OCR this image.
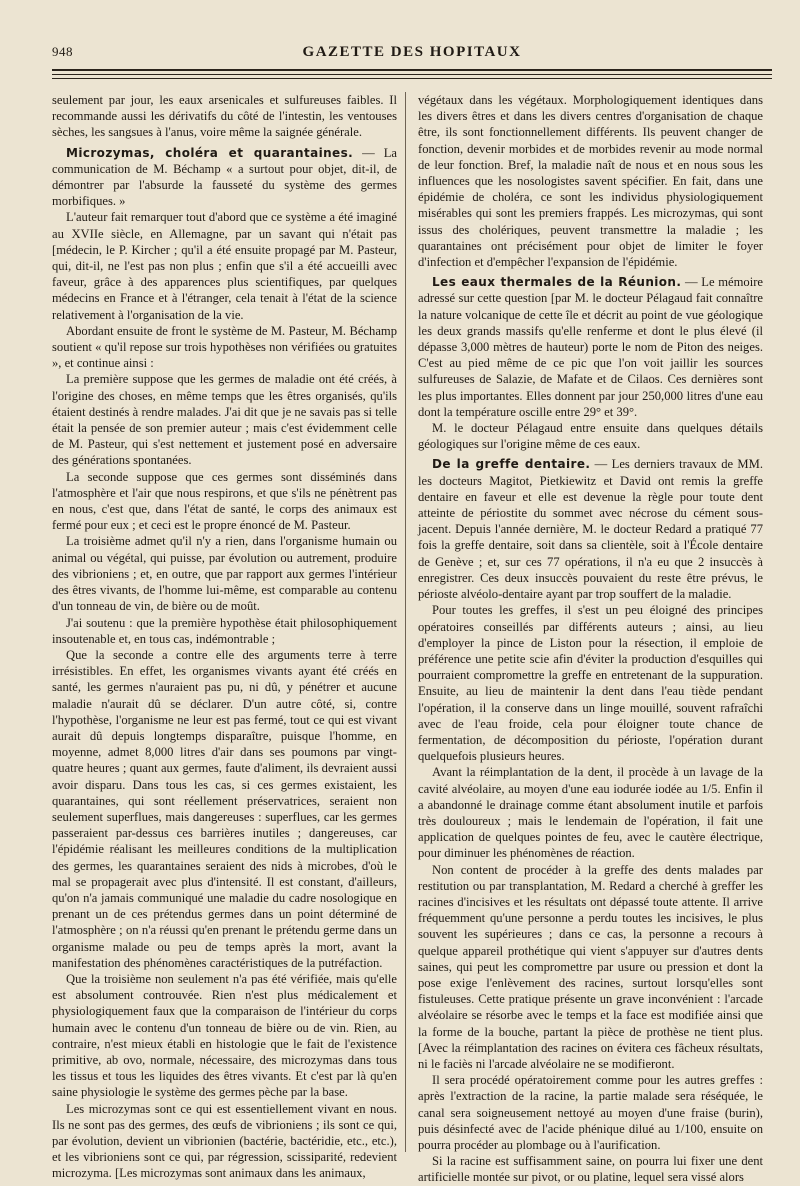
948	GAZETTE DES HOPITAUX

seulement par jour, les eaux arsenicales et sulfureuses faibles. Il recommande aussi les dérivatifs du côté de l'intestin, les ventouses sèches, les sangsues à l'anus, voire même la saignée générale.

Microzymas, choléra et quarantaines. — La communication de M. Béchamp « a surtout pour objet, dit-il, de démontrer par l'absurde la fausseté du système des germes morbifiques. »

L'auteur fait remarquer tout d'abord que ce système a été imaginé au XVIIe siècle, en Allemagne, par un savant qui n'était pas [médecin, le P. Kircher ; qu'il a été ensuite propagé par M. Pasteur, qui, dit-il, ne l'est pas non plus ; enfin que s'il a été accueilli avec faveur, grâce à des apparences plus scientifiques, par quelques médecins en France et à l'étranger, cela tenait à l'état de la science relativement à l'organisation de la vie.

Abordant ensuite de front le système de M. Pasteur, M. Béchamp soutient « qu'il repose sur trois hypothèses non vérifiées ou gratuites », et continue ainsi :

La première suppose que les germes de maladie ont été créés, à l'origine des choses, en même temps que les êtres organisés, qu'ils étaient destinés à rendre malades. J'ai dit que je ne savais pas si telle était la pensée de son premier auteur ; mais c'est évidemment celle de M. Pasteur, qui s'est nettement et justement posé en adversaire des générations spontanées.

La seconde suppose que ces germes sont disséminés dans l'atmosphère et l'air que nous respirons, et que s'ils ne pénètrent pas en nous, c'est que, dans l'état de santé, le corps des animaux est fermé pour eux ; et ceci est le propre énoncé de M. Pasteur.

La troisième admet qu'il n'y a rien, dans l'organisme humain ou animal ou végétal, qui puisse, par évolution ou autrement, produire des vibrioniens ; et, en outre, que par rapport aux germes l'intérieur des êtres vivants, de l'homme lui-même, est comparable au contenu d'un tonneau de vin, de bière ou de moût.

J'ai soutenu : que la première hypothèse était philosophiquement insoutenable et, en tous cas, indémontrable ;

Que la seconde a contre elle des arguments terre à terre irrésistibles. En effet, les organismes vivants ayant été créés en santé, les germes n'auraient pas pu, ni dû, y pénétrer et aucune maladie n'aurait dû se déclarer. D'un autre côté, si, contre l'hypothèse, l'organisme ne leur est pas fermé, tout ce qui est vivant aurait dû depuis longtemps disparaître, puisque l'homme, en moyenne, admet 8,000 litres d'air dans ses poumons par vingt-quatre heures ; quant aux germes, faute d'aliment, ils devraient aussi avoir disparu. Dans tous les cas, si ces germes existaient, les quarantaines, qui sont réellement préservatrices, seraient non seulement superflues, mais dangereuses : superflues, car les germes passeraient par-dessus ces barrières inutiles ; dangereuses, car l'épidémie réalisant les meilleures conditions de la multiplication des germes, les quarantaines seraient des nids à microbes, d'où le mal se propagerait avec plus d'intensité. Il est constant, d'ailleurs, qu'on n'a jamais communiqué une maladie du cadre nosologique en prenant un de ces prétendus germes dans un point déterminé de l'atmosphère ; on n'a réussi qu'en prenant le prétendu germe dans un organisme malade ou peu de temps après la mort, avant la manifestation des phénomènes caractéristiques de la putréfaction.

Que la troisième non seulement n'a pas été vérifiée, mais qu'elle est absolument controuvée. Rien n'est plus médicalement et physiologiquement faux que la comparaison de l'intérieur du corps humain avec le contenu d'un tonneau de bière ou de vin. Rien, au contraire, n'est mieux établi en histologie que le fait de l'existence primitive, ab ovo, normale, nécessaire, des microzymas dans tous les tissus et tous les liquides des êtres vivants. Et c'est par là qu'en saine physiologie le système des germes pèche par la base.

Les microzymas sont ce qui est essentiellement vivant en nous. Ils ne sont pas des germes, des œufs de vibrioniens ; ils sont ce qui, par évolution, devient un vibrionien (bactérie, bactéridie, etc., etc.), et les vibrioniens sont ce qui, par régression, scissiparité, redevient microzyma. [Les microzymas sont animaux dans les animaux,

végétaux dans les végétaux. Morphologiquement identiques dans les divers êtres et dans les divers centres d'organisation de chaque être, ils sont fonctionnellement différents. Ils peuvent changer de fonction, devenir morbides et de morbides revenir au mode normal de leur fonction. Bref, la maladie naît de nous et en nous sous les influences que les nosologistes savent spécifier. En fait, dans une épidémie de choléra, ce sont les individus physiologiquement misérables qui sont les premiers frappés. Les microzymas, qui sont issus des cholériques, peuvent transmettre la maladie ; les quarantaines ont précisément pour objet de limiter le foyer d'infection et d'empêcher l'expansion de l'épidémie.

Les eaux thermales de la Réunion. — Le mémoire adressé sur cette question [par M. le docteur Pélagaud fait connaître la nature volcanique de cette île et décrit au point de vue géologique les deux grands massifs qu'elle renferme et dont le plus élevé (il dépasse 3,000 mètres de hauteur) porte le nom de Piton des neiges. C'est au pied même de ce pic que l'on voit jaillir les sources sulfureuses de Salazie, de Mafate et de Cilaos. Ces dernières sont les plus importantes. Elles donnent par jour 250,000 litres d'une eau dont la température oscille entre 29° et 39°.

M. le docteur Pélagaud entre ensuite dans quelques détails géologiques sur l'origine même de ces eaux.

De la greffe dentaire. — Les derniers travaux de MM. les docteurs Magitot, Pietkiewitz et David ont remis la greffe dentaire en faveur et elle est devenue la règle pour toute dent atteinte de périostite du sommet avec nécrose du cément sous-jacent. Depuis l'année dernière, M. le docteur Redard a pratiqué 77 fois la greffe dentaire, soit dans sa clientèle, soit à l'École dentaire de Genève ; et, sur ces 77 opérations, il n'a eu que 2 insuccès à enregistrer. Ces deux insuccès pouvaient du reste être prévus, le périoste alvéolo-dentaire ayant par trop souffert de la maladie.

Pour toutes les greffes, il s'est un peu éloigné des principes opératoires conseillés par différents auteurs ; ainsi, au lieu d'employer la pince de Liston pour la résection, il emploie de préférence une petite scie afin d'éviter la production d'esquilles qui pourraient compromettre la greffe en entretenant de la suppuration. Ensuite, au lieu de maintenir la dent dans l'eau tiède pendant l'opération, il la conserve dans un linge mouillé, souvent rafraîchi avec de l'eau froide, cela pour éloigner toute chance de fermentation, de décomposition du périoste, l'opération durant quelquefois plusieurs heures.

Avant la réimplantation de la dent, il procède à un lavage de la cavité alvéolaire, au moyen d'une eau iodurée iodée au 1/5. Enfin il a abandonné le drainage comme étant absolument inutile et parfois très douloureux ; mais le lendemain de l'opération, il fait une application de quelques pointes de feu, avec le cautère électrique, pour diminuer les phénomènes de réaction.

Non content de procéder à la greffe des dents malades par restitution ou par transplantation, M. Redard a cherché à greffer les racines d'incisives et les résultats ont dépassé toute attente. Il arrive fréquemment qu'une personne a perdu toutes les incisives, le plus souvent les supérieures ; dans ce cas, la personne a recours à quelque appareil prothétique qui vient s'appuyer sur d'autres dents saines, qui peut les compromettre par usure ou pression et dont la pose exige l'enlèvement des racines, surtout lorsqu'elles sont fistuleuses. Cette pratique présente un grave inconvénient : l'arcade alvéolaire se résorbe avec le temps et la face est modifiée ainsi que la forme de la bouche, partant la pièce de prothèse ne tient plus. [Avec la réimplantation des racines on évitera ces fâcheux résultats, ni le faciès ni l'arcade alvéolaire ne se modifieront.

Il sera procédé opératoirement comme pour les autres greffes : après l'extraction de la racine, la partie malade sera réséquée, le canal sera soigneusement nettoyé au moyen d'une fraise (burin), puis désinfecté avec de l'acide phénique dilué au 1/100, ensuite on pourra procéder au plombage ou à l'aurification.

Si la racine est suffisamment saine, on pourra lui fixer une dent artificielle montée sur pivot, or ou platine, lequel sera vissé alors
